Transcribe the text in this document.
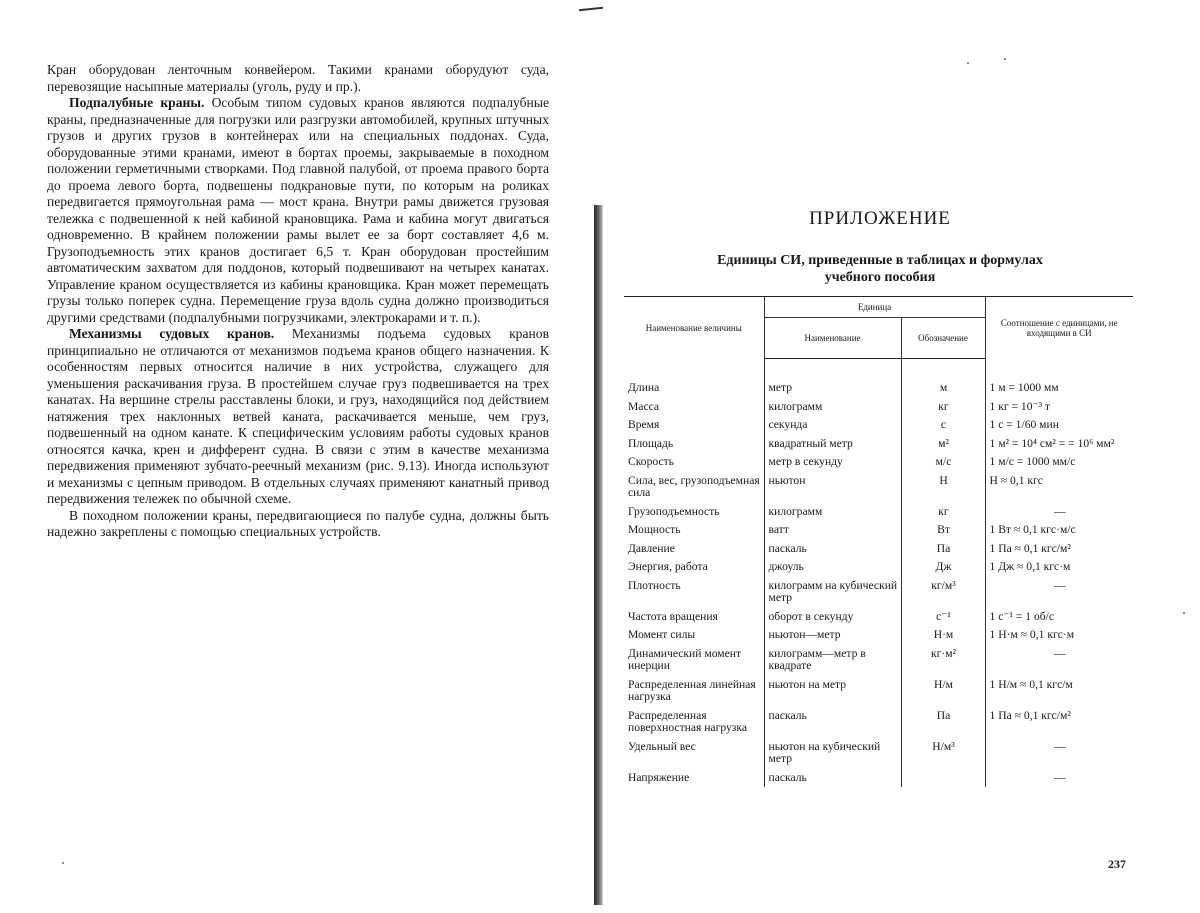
Кран оборудован ленточным конвейером. Такими кранами оборудуют суда, перевозящие насыпные материалы (уголь, руду и пр.).

Подпалубные краны. Особым типом судовых кранов являются подпалубные краны, предназначенные для погрузки или разгрузки автомобилей, крупных штучных грузов и других грузов в контейнерах или на специальных поддонах. Суда, оборудованные этими кранами, имеют в бортах проемы, закрываемые в походном положении герметичными створками. Под главной палубой, от проема правого борта до проема левого борта, подвешены подкрановые пути, по которым на роликах передвигается прямоугольная рама — мост крана. Внутри рамы движется грузовая тележка с подвешенной к ней кабиной крановщика. Рама и кабина могут двигаться одновременно. В крайнем положении рамы вылет ее за борт составляет 4,6 м. Грузоподъемность этих кранов достигает 6,5 т. Кран оборудован простейшим автоматическим захватом для поддонов, который подвешивают на четырех канатах. Управление краном осуществляется из кабины крановщика. Кран может перемещать грузы только поперек судна. Перемещение груза вдоль судна должно производиться другими средствами (подпалубными погрузчиками, электрокарами и т. п.).

Механизмы судовых кранов. Механизмы подъема судовых кранов принципиально не отличаются от механизмов подъема кранов общего назначения. К особенностям первых относится наличие в них устройства, служащего для уменьшения раскачивания груза. В простейшем случае груз подвешивается на трех канатах. На вершине стрелы расставлены блоки, и груз, находящийся под действием натяжения трех наклонных ветвей каната, раскачивается меньше, чем груз, подвешенный на одном канате. К специфическим условиям работы судовых кранов относятся качка, крен и дифферент судна. В связи с этим в качестве механизма передвижения применяют зубчато-реечный механизм (рис. 9.13). Иногда используют и механизмы с цепным приводом. В отдельных случаях применяют канатный привод передвижения тележек по обычной схеме.

В походном положении краны, передвигающиеся по палубе судна, должны быть надежно закреплены с помощью специальных устройств.

ПРИЛОЖЕНИЕ
Единицы СИ, приведенные в таблицах и формулах
учебного пособия
Наименование величины	Единица		Соотношение с единицами, не входящими в СИ
	Наименование	Обозначение	

Длина	метр	м	1 м = 1000 мм
Масса	килограмм	кг	1 кг = 10⁻³ т
Время	секунда	с	1 с = 1/60 мин
Площадь	квадратный метр	м²	1 м² = 10⁴ см² = = 10⁶ мм²
Скорость	метр в секунду	м/с	1 м/с = 1000 мм/с
Сила, вес, грузоподъемная сила	ньютон	Н	Н ≈ 0,1 кгс
Грузоподъемность	килограмм	кг	—
Мощность	ватт	Вт	1 Вт ≈ 0,1 кгс·м/с
Давление	паскаль	Па	1 Па ≈ 0,1 кгс/м²
Энергия, работа	джоуль	Дж	1 Дж ≈ 0,1 кгс·м
Плотность	килограмм на кубический метр	кг/м³	—
Частота вращения	оборот в секунду	с⁻¹	1 с⁻¹ = 1 об/с
Момент силы	ньютон—метр	Н·м	1 Н·м ≈ 0,1 кгс·м
Динамический момент инерции	килограмм—метр в квадрате	кг·м²	—
Распределенная линейная нагрузка	ньютон на метр	Н/м	1 Н/м ≈ 0,1 кгс/м
Распределенная поверхностная нагрузка	паскаль	Па	1 Па ≈ 0,1 кгс/м²
Удельный вес	ньютон на кубический метр	Н/м³	—
Напряжение	паскаль		—
237
